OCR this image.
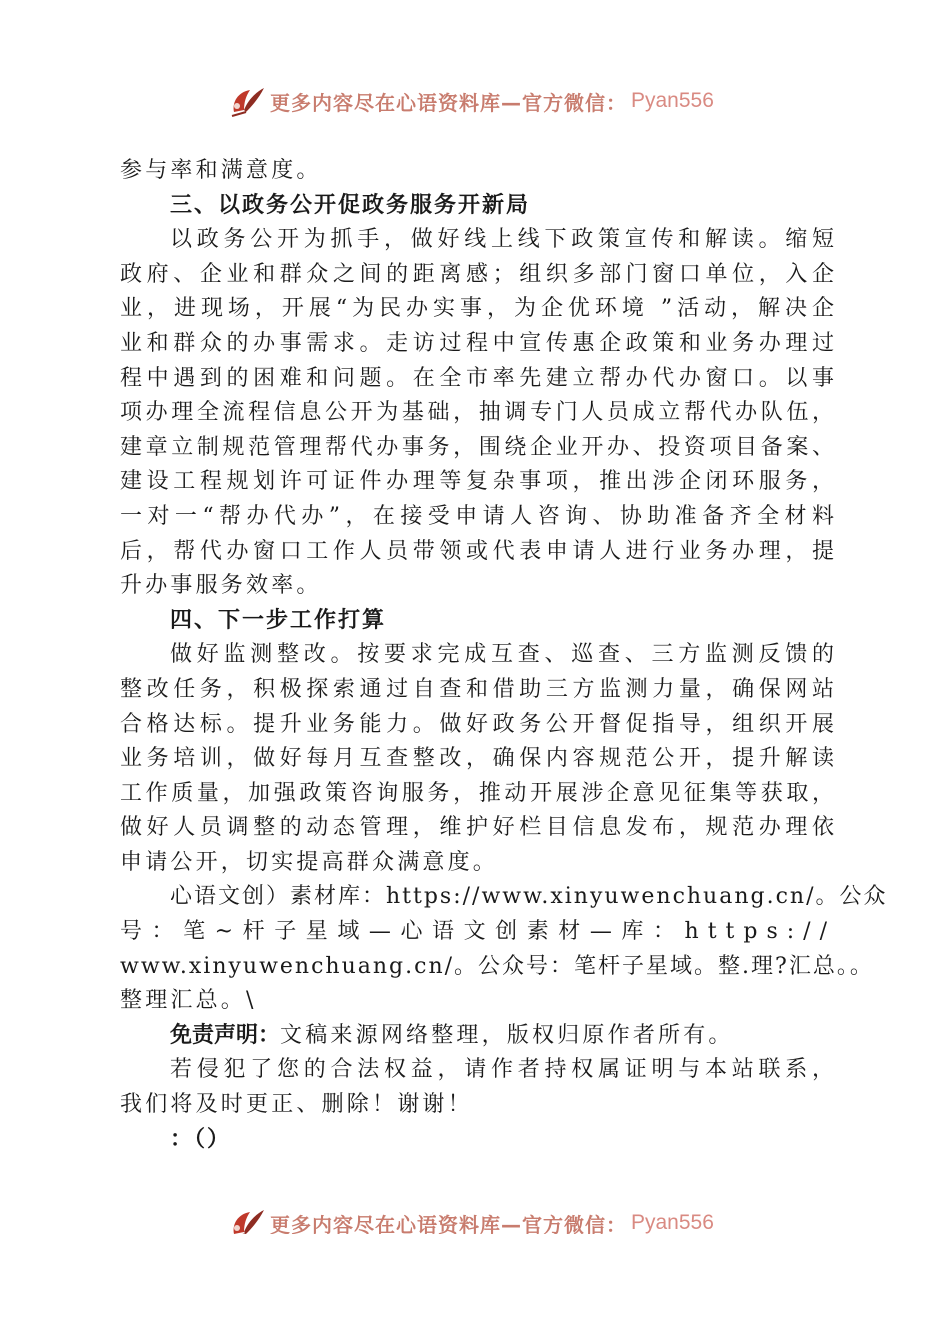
更多内容尽在心语资料库—官方微信： Pyan556
参与率和满意度。
三、以政务公开促政务服务开新局
以政务公开为抓手，做好线上线下政策宣传和解读。缩短
政府、企业和群众之间的距离感；组织多部门窗口单位，入企
业，进现场，开展“为民办实事，为企优环境 ”活动，解决企
业和群众的办事需求。走访过程中宣传惠企政策和业务办理过
程中遇到的困难和问题。在全市率先建立帮办代办窗口。以事
项办理全流程信息公开为基础，抽调专门人员成立帮代办队伍，
建章立制规范管理帮代办事务，围绕企业开办、投资项目备案、
建设工程规划许可证件办理等复杂事项，推出涉企闭环服务，
一对一“帮办代办”，在接受申请人咨询、协助准备齐全材料
后，帮代办窗口工作人员带领或代表申请人进行业务办理，提
升办事服务效率。
四、下一步工作打算
做好监测整改。按要求完成互查、巡查、三方监测反馈的
整改任务，积极探索通过自查和借助三方监测力量，确保网站
合格达标。提升业务能力。做好政务公开督促指导，组织开展
业务培训，做好每月互查整改，确保内容规范公开，提升解读
工作质量，加强政策咨询服务，推动开展涉企意见征集等获取，
做好人员调整的动态管理，维护好栏目信息发布，规范办理依
申请公开，切实提高群众满意度。
心语文创）素材库：https://www.xinyuwenchuang.cn/。公众
号：笔~杆子星域—心语文创素材—库：https://
www.xinyuwenchuang.cn/。公众号：笔杆子星域。整.理?汇总。。
整理汇总。\
免责声明：文稿来源网络整理，版权归原作者所有。
若侵犯了您的合法权益，请作者持权属证明与本站联系，
我们将及时更正、删除！谢谢！
：（）
更多内容尽在心语资料库—官方微信： Pyan556
